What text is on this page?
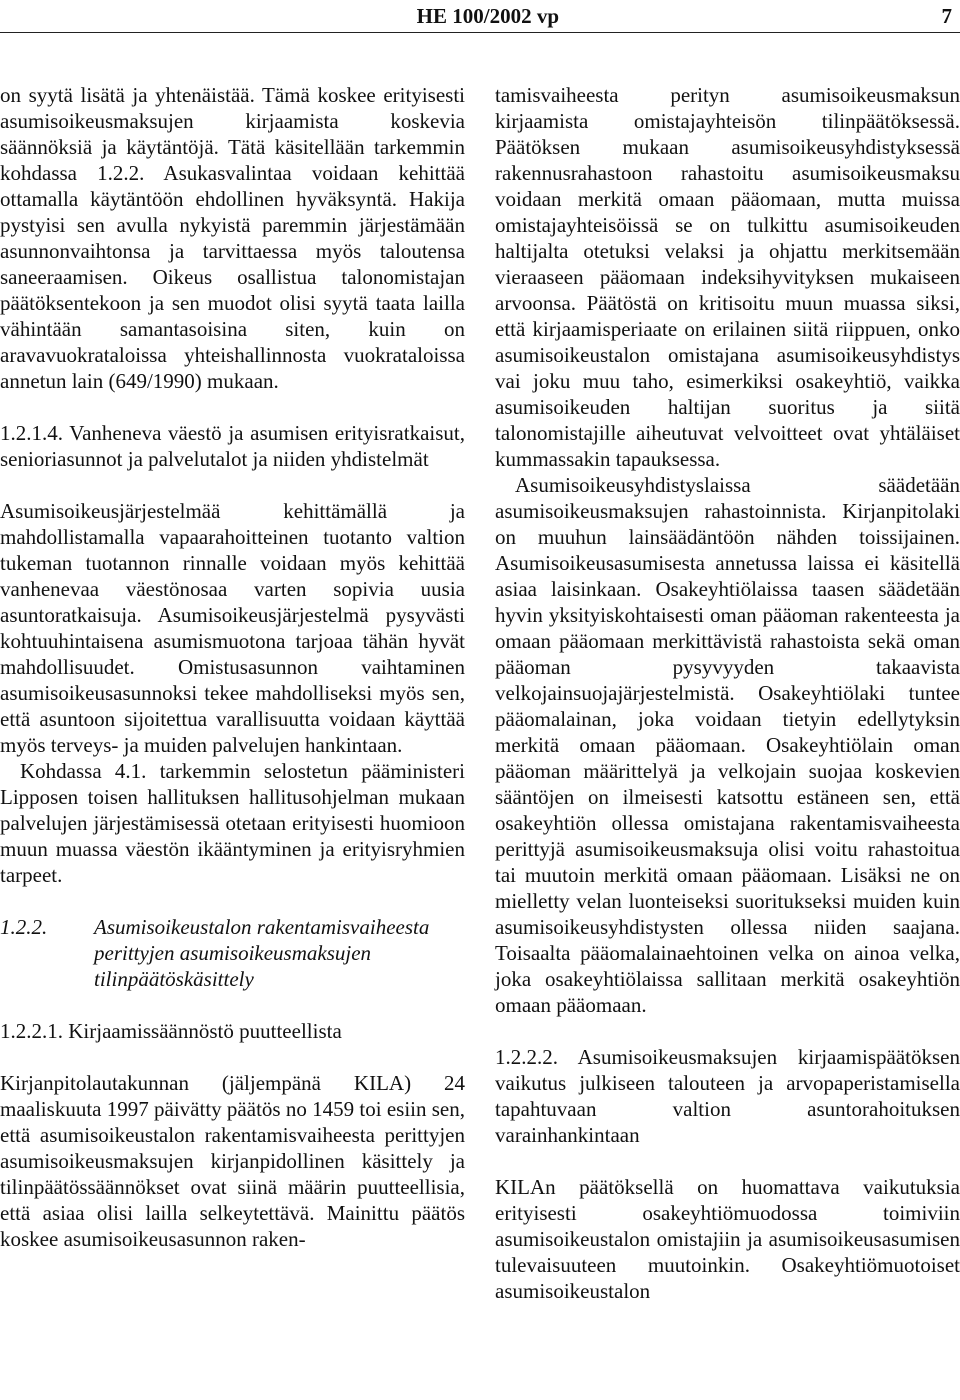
HE 100/2002 vp	7

on syytä lisätä ja yhtenäistää. Tämä koskee erityisesti asumisoikeusmaksujen kirjaamista koskevia säännöksiä ja käytäntöjä. Tätä käsitellään tarkemmin kohdassa 1.2.2. Asukasvalintaa voidaan kehittää ottamalla käytäntöön ehdollinen hyväksyntä. Hakija pystyisi sen avulla nykyistä paremmin järjestämään asunnonvaihtonsa ja tarvittaessa myös taloutensa saneeraamisen. Oikeus osallistua talonomistajan päätöksentekoon ja sen muodot olisi syytä taata lailla vähintään samantasoisina siten, kuin on aravavuokrataloissa yhteishallinnosta vuokrataloissa annetun lain (649/1990) mukaan.

1.2.1.4. Vanheneva väestö ja asumisen erityisratkaisut, senioriasunnot ja palvelutalot ja niiden yhdistelmät

Asumisoikeusjärjestelmää kehittämällä ja mahdollistamalla vapaarahoitteinen tuotanto valtion tukeman tuotannon rinnalle voidaan myös kehittää vanhenevaa väestönosaa varten sopivia uusia asuntoratkaisuja. Asumisoikeusjärjestelmä pysyvästi kohtuuhintaisena asumismuotona tarjoaa tähän hyvät mahdollisuudet. Omistusasunnon vaihtaminen asumisoikeusasunnoksi tekee mahdolliseksi myös sen, että asuntoon sijoitettua varallisuutta voidaan käyttää myös terveys- ja muiden palvelujen hankintaan.

Kohdassa 4.1. tarkemmin selostetun pääministeri Lipposen toisen hallituksen hallitusohjelman mukaan palvelujen järjestämisessä otetaan erityisesti huomioon muun muassa väestön ikääntyminen ja erityisryhmien tarpeet.

1.2.2.	Asumisoikeustalon rakentamisvaiheesta perittyjen asumisoikeusmaksujen tilinpäätöskäsittely

1.2.2.1. Kirjaamissäännöstö puutteellista

Kirjanpitolautakunnan (jäljempänä KILA) 24 maaliskuuta 1997 päivätty päätös no 1459 toi esiin sen, että asumisoikeustalon rakentamisvaiheesta perittyjen asumisoikeusmaksujen kirjanpidollinen käsittely ja tilinpäätössäännökset ovat siinä määrin puutteellisia, että asiaa olisi lailla selkeytettävä. Mainittu päätös koskee asumisoikeusasunnon raken-

tamisvaiheesta perityn asumisoikeusmaksun kirjaamista omistajayhteisön tilinpäätöksessä. Päätöksen mukaan asumisoikeusyhdistyksessä rakennusrahastoon rahastoitu asumisoikeusmaksu voidaan merkitä omaan pääomaan, mutta muissa omistajayhteisöissä se on tulkittu asumisoikeuden haltijalta otetuksi velaksi ja ohjattu merkitsemään vieraaseen pääomaan indeksihyvityksen mukaiseen arvoonsa. Päätöstä on kritisoitu muun muassa siksi, että kirjaamisperiaate on erilainen siitä riippuen, onko asumisoikeustalon omistajana asumisoikeusyhdistys vai joku muu taho, esimerkiksi osakeyhtiö, vaikka asumisoikeuden haltijan suoritus ja siitä talonomistajille aiheutuvat velvoitteet ovat yhtäläiset kummassakin tapauksessa.

Asumisoikeusyhdistyslaissa säädetään asumisoikeusmaksujen rahastoinnista. Kirjanpitolaki on muuhun lainsäädäntöön nähden toissijainen. Asumisoikeusasumisesta annetussa laissa ei käsitellä asiaa laisinkaan. Osakeyhtiölaissa taasen säädetään hyvin yksityiskohtaisesti oman pääoman rakenteesta ja omaan pääomaan merkittävistä rahastoista sekä oman pääoman pysyvyyden takaavista velkojainsuojajärjestelmistä. Osakeyhtiölaki tuntee pääomalainan, joka voidaan tietyin edellytyksin merkitä omaan pääomaan. Osakeyhtiölain oman pääoman määrittelyä ja velkojain suojaa koskevien sääntöjen on ilmeisesti katsottu estäneen sen, että osakeyhtiön ollessa omistajana rakentamisvaiheesta perittyjä asumisoikeusmaksuja olisi voitu rahastoitua tai muutoin merkitä omaan pääomaan. Lisäksi ne on mielletty velan luonteiseksi suoritukseksi muiden kuin asumisoikeusyhdistysten ollessa niiden saajana. Toisaalta pääomalainaehtoinen velka on ainoa velka, joka osakeyhtiölaissa sallitaan merkitä osakeyhtiön omaan pääomaan.

1.2.2.2. Asumisoikeusmaksujen kirjaamispäätöksen vaikutus julkiseen talouteen ja arvopaperistamisella tapahtuvaan valtion asuntorahoituksen varainhankintaan

KILAn päätöksellä on huomattava vaikutuksia erityisesti osakeyhtiömuodossa toimiviin asumisoikeustalon omistajiin ja asumisoikeusasumisen tulevaisuuteen muutoinkin. Osakeyhtiömuotoiset asumisoikeustalon
